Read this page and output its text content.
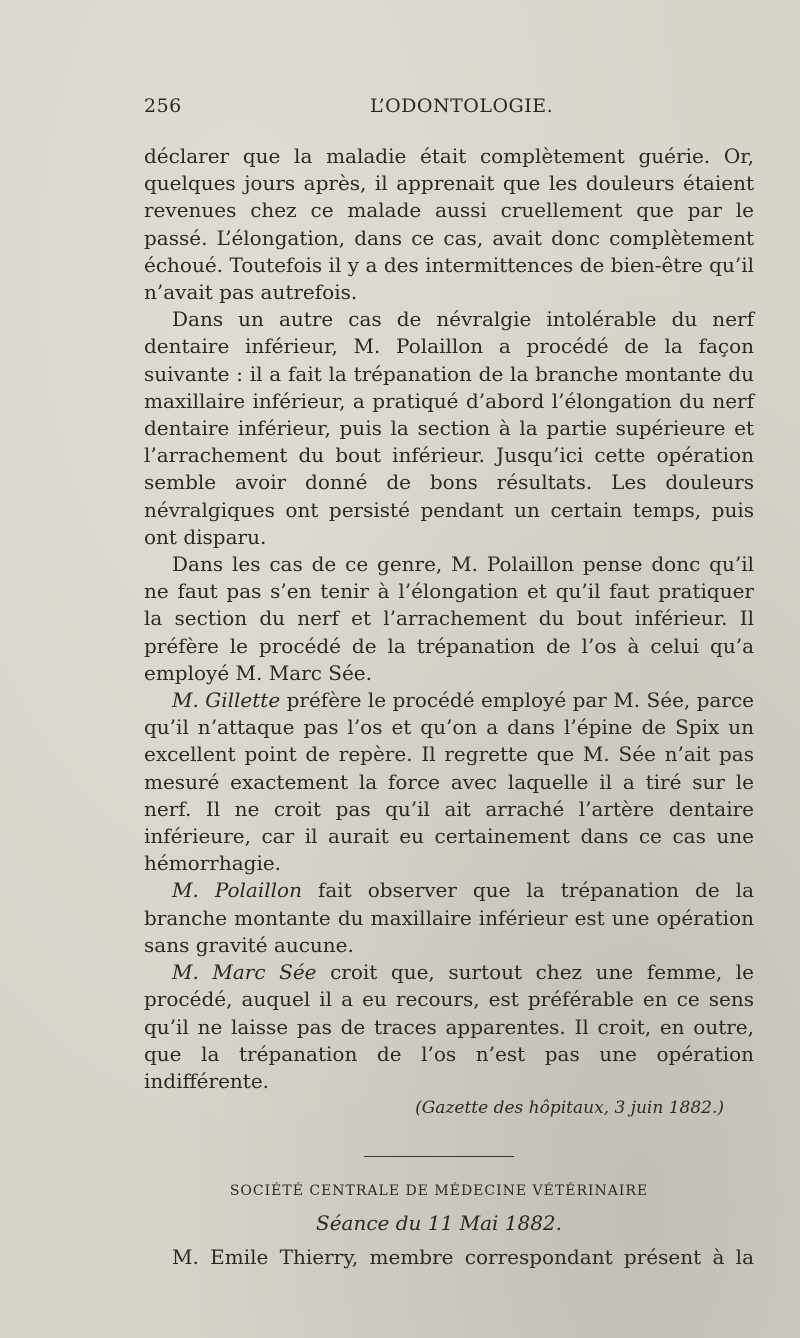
256	L’ODONTOLOGIE.

déclarer que la maladie était complètement guérie. Or, quelques jours après, il apprenait que les douleurs étaient revenues chez ce malade aussi cruellement que par le passé. L’élongation, dans ce cas, avait donc complètement échoué. Toutefois il y a des intermittences de bien-être qu’il n’avait pas autrefois.

Dans un autre cas de névralgie intolérable du nerf dentaire inférieur, M. Polaillon a procédé de la façon suivante : il a fait la trépanation de la branche montante du maxillaire inférieur, a pratiqué d’abord l’élongation du nerf dentaire inférieur, puis la section à la partie supérieure et l’arrachement du bout inférieur. Jusqu’ici cette opération semble avoir donné de bons résultats. Les douleurs névralgiques ont persisté pendant un certain temps, puis ont disparu.

Dans les cas de ce genre, M. Polaillon pense donc qu’il ne faut pas s’en tenir à l’élongation et qu’il faut pratiquer la section du nerf et l’arrachement du bout inférieur. Il préfère le procédé de la trépanation de l’os à celui qu’a employé M. Marc Sée.

M. Gillette préfère le procédé employé par M. Sée, parce qu’il n’attaque pas l’os et qu’on a dans l’épine de Spix un excellent point de repère. Il regrette que M. Sée n’ait pas mesuré exactement la force avec laquelle il a tiré sur le nerf. Il ne croit pas qu’il ait arraché l’artère dentaire inférieure, car il aurait eu certainement dans ce cas une hémorrhagie.

M. Polaillon fait observer que la trépanation de la branche montante du maxillaire inférieur est une opération sans gravité aucune.

M. Marc Sée croit que, surtout chez une femme, le procédé, auquel il a eu recours, est préférable en ce sens qu’il ne laisse pas de traces apparentes. Il croit, en outre, que la trépanation de l’os n’est pas une opération indifférente.

(Gazette des hôpitaux, 3 juin 1882.)
SOCIÉTÉ CENTRALE DE MÉDECINE VÉTÉRINAIRE
Séance du 11 Mai 1882.
M. Emile Thierry, membre correspondant présent à la
